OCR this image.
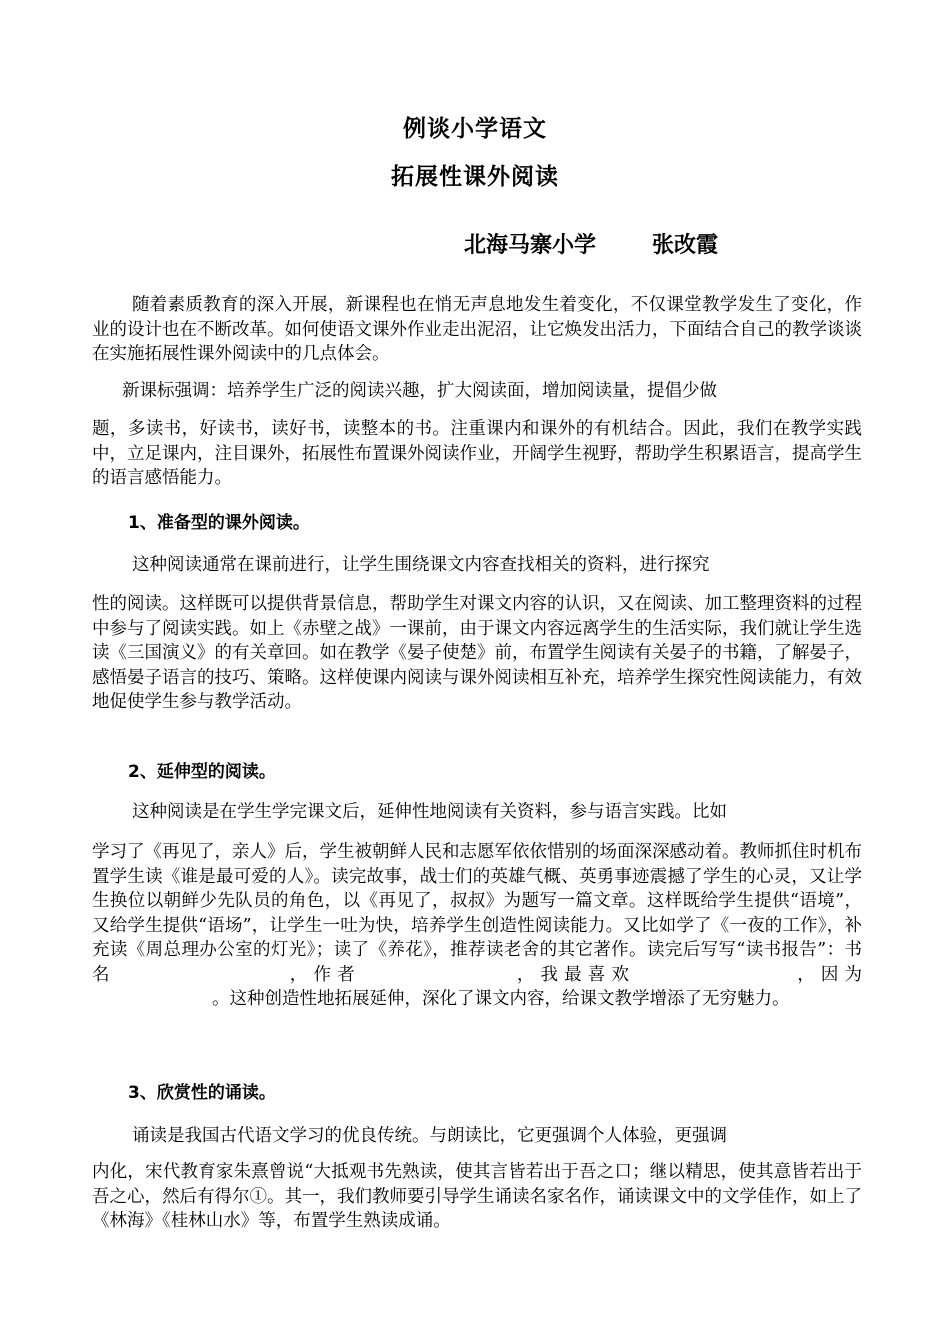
例谈小学语文
拓展性课外阅读
北海马寨小学	张改霞
随着素质教育的深入开展，新课程也在悄无声息地发生着变化，不仅课堂教学发生了变化，作业的设计也在不断改革。如何使语文课外作业走出泥沼，让它焕发出活力，下面结合自己的教学谈谈在实施拓展性课外阅读中的几点体会。
新课标强调：培养学生广泛的阅读兴趣，扩大阅读面，增加阅读量，提倡少做
题，多读书，好读书，读好书，读整本的书。注重课内和课外的有机结合。因此，我们在教学实践中，立足课内，注目课外，拓展性布置课外阅读作业，开阔学生视野，帮助学生积累语言，提高学生的语言感悟能力。
1、准备型的课外阅读。
这种阅读通常在课前进行，让学生围绕课文内容查找相关的资料，进行探究
性的阅读。这样既可以提供背景信息，帮助学生对课文内容的认识，又在阅读、加工整理资料的过程中参与了阅读实践。如上《赤壁之战》一课前，由于课文内容远离学生的生活实际，我们就让学生选读《三国演义》的有关章回。如在教学《晏子使楚》前，布置学生阅读有关晏子的书籍，了解晏子，感悟晏子语言的技巧、策略。这样使课内阅读与课外阅读相互补充，培养学生探究性阅读能力，有效地促使学生参与教学活动。
2、延伸型的阅读。
这种阅读是在学生学完课文后，延伸性地阅读有关资料，参与语言实践。比如
学习了《再见了，亲人》后，学生被朝鲜人民和志愿军依依惜别的场面深深感动着。教师抓住时机布置学生读《谁是最可爱的人》。读完故事，战士们的英雄气概、英勇事迹震撼了学生的心灵，又让学生换位以朝鲜少先队员的角色，以《再见了，叔叔》为题写一篇文章。这样既给学生提供“语境”，又给学生提供“语场”，让学生一吐为快，培养学生创造性阅读能力。又比如学了《一夜的工作》，补充读《周总理办公室的灯光》；读了《养花》，推荐读老舍的其它著作。读完后写写“读书报告”：书名	，作者	，我最喜欢	，因为。这种创造性地拓展延伸，深化了课文内容，给课文教学增添了无穷魅力。
3、欣赏性的诵读。
诵读是我国古代语文学习的优良传统。与朗读比，它更强调个人体验，更强调
内化，宋代教育家朱熹曾说“大抵观书先熟读，使其言皆若出于吾之口；继以精思，使其意皆若出于吾之心，然后有得尔①。其一，我们教师要引导学生诵读名家名作，诵读课文中的文学佳作，如上了《林海》《桂林山水》等，布置学生熟读成诵。
